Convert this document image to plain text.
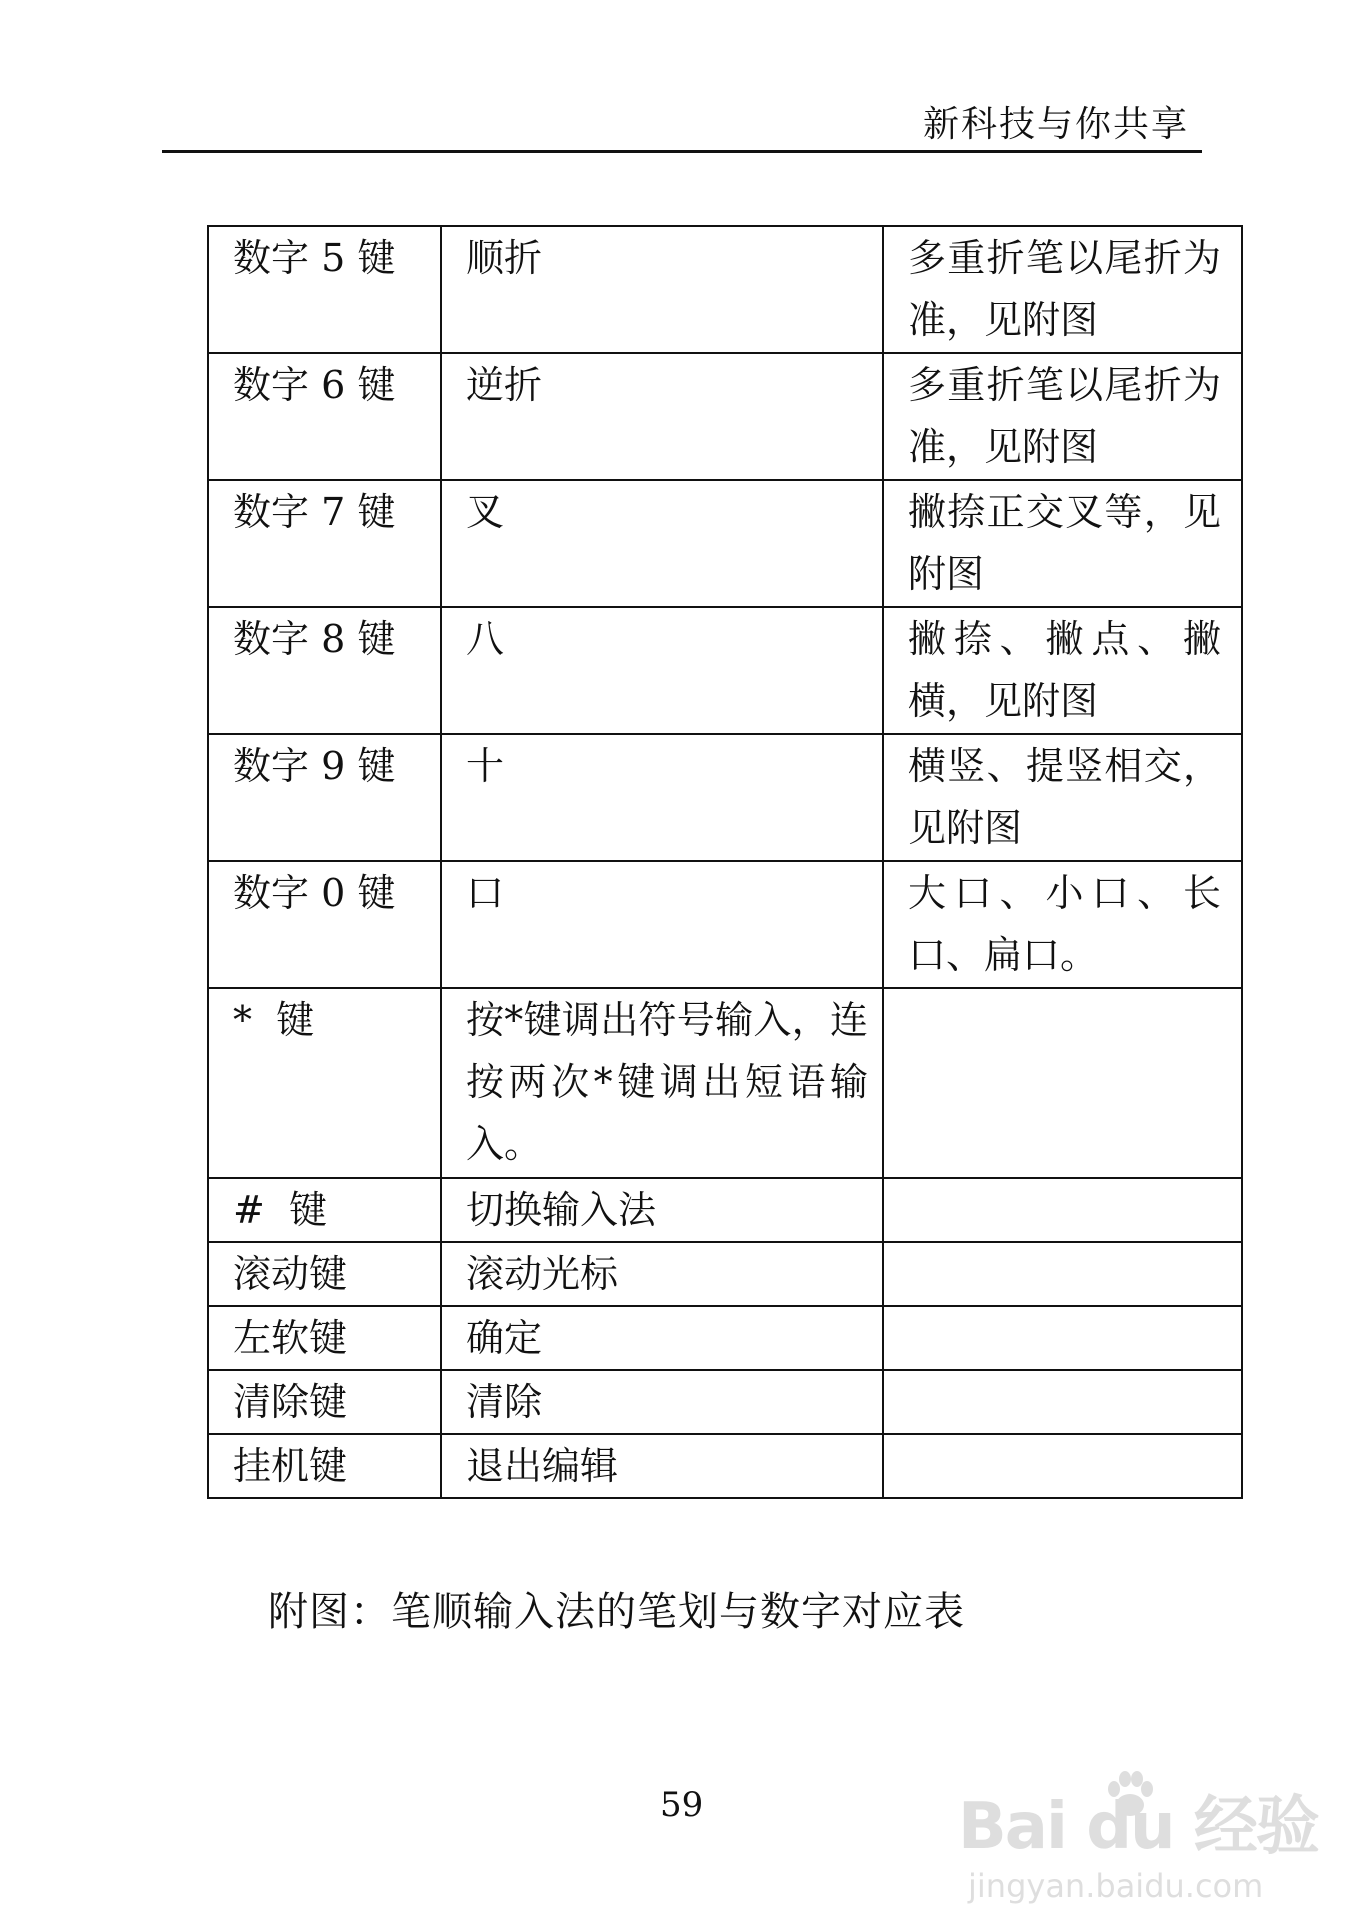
新科技与你共享
数字 5 键	顺折	多重折笔以尾折为准，见附图
数字 6 键	逆折	多重折笔以尾折为准，见附图
数字 7 键	叉	撇捺正交叉等，见附图
数字 8 键	八	撇捺、撇点、撇横，见附图
数字 9 键	十	横竖、提竖相交，见附图
数字 0 键	口	大口、小口、长口、扁口。
*  键	按*键调出符号输入，连按两次*键调出短语输入。	
#  键	切换输入法	
滚动键	滚动光标	
左软键	确定	
清除键	清除	
挂机键	退出编辑	
附图：笔顺输入法的笔划与数字对应表
59	Bai du 经验
jingyan.baidu.com
